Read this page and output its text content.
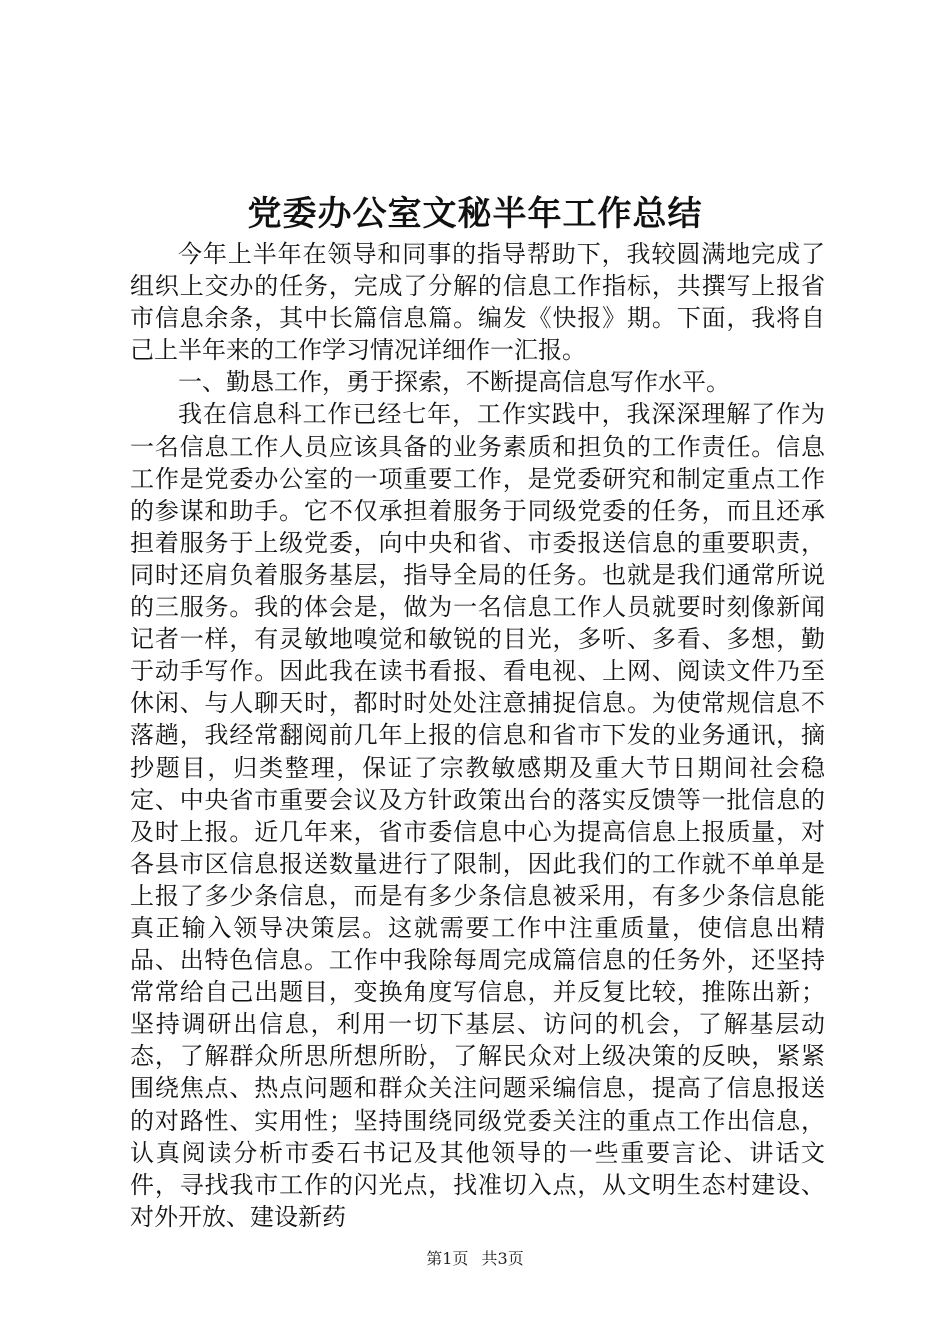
党委办公室文秘半年工作总结

今年上半年在领导和同事的指导帮助下，我较圆满地完成了组织上交办的任务，完成了分解的信息工作指标，共撰写上报省市信息余条，其中长篇信息篇。编发《快报》期。下面，我将自己上半年来的工作学习情况详细作一汇报。

一、勤恳工作，勇于探索，不断提高信息写作水平。

我在信息科工作已经七年，工作实践中，我深深理解了作为一名信息工作人员应该具备的业务素质和担负的工作责任。信息工作是党委办公室的一项重要工作，是党委研究和制定重点工作的参谋和助手。它不仅承担着服务于同级党委的任务，而且还承担着服务于上级党委，向中央和省、市委报送信息的重要职责，同时还肩负着服务基层，指导全局的任务。也就是我们通常所说的三服务。我的体会是，做为一名信息工作人员就要时刻像新闻记者一样，有灵敏地嗅觉和敏锐的目光，多听、多看、多想，勤于动手写作。因此我在读书看报、看电视、上网、阅读文件乃至休闲、与人聊天时，都时时处处注意捕捉信息。为使常规信息不落趟，我经常翻阅前几年上报的信息和省市下发的业务通讯，摘抄题目，归类整理，保证了宗教敏感期及重大节日期间社会稳定、中央省市重要会议及方针政策出台的落实反馈等一批信息的及时上报。近几年来，省市委信息中心为提高信息上报质量，对各县市区信息报送数量进行了限制，因此我们的工作就不单单是上报了多少条信息，而是有多少条信息被采用，有多少条信息能真正输入领导决策层。这就需要工作中注重质量，使信息出精品、出特色信息。工作中我除每周完成篇信息的任务外，还坚持常常给自己出题目，变换角度写信息，并反复比较，推陈出新；坚持调研出信息，利用一切下基层、访问的机会，了解基层动态，了解群众所思所想所盼，了解民众对上级决策的反映，紧紧围绕焦点、热点问题和群众关注问题采编信息，提高了信息报送的对路性、实用性；坚持围绕同级党委关注的重点工作出信息，认真阅读分析市委石书记及其他领导的一些重要言论、讲话文件，寻找我市工作的闪光点，找准切入点，从文明生态村建设、对外开放、建设新药

第1页 共3页
